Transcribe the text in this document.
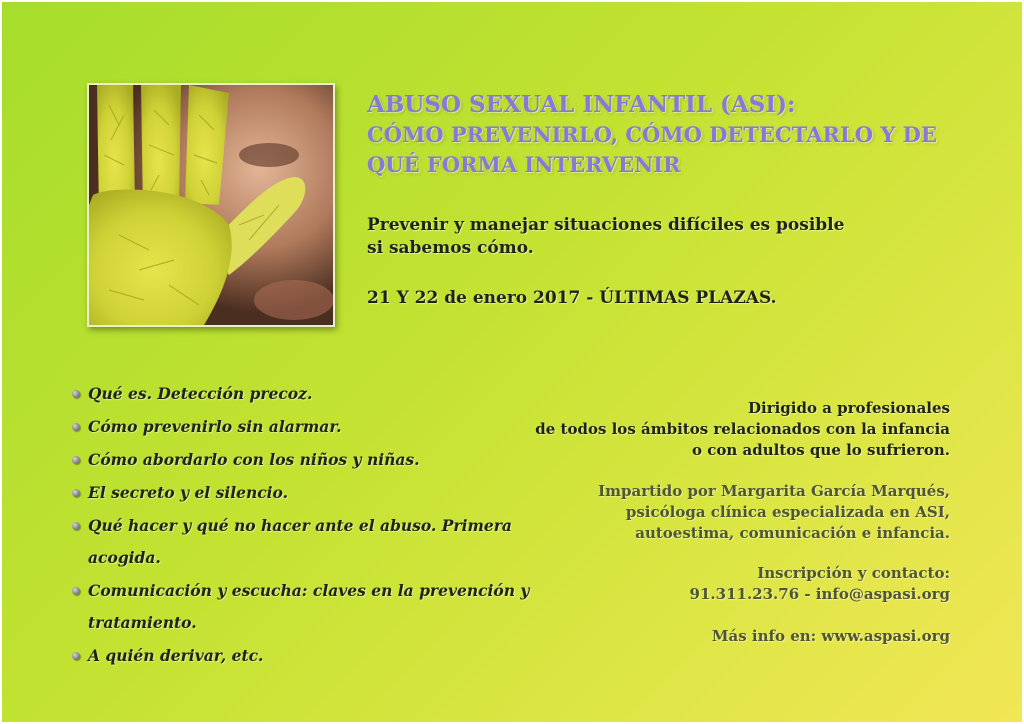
ABUSO SEXUAL INFANTIL (ASI):
CÓMO PREVENIRLO, CÓMO DETECTARLO Y DE
QUÉ FORMA INTERVENIR
Prevenir y manejar situaciones difíciles es posible
si sabemos cómo.
21 Y 22 de enero 2017 - ÚLTIMAS PLAZAS.
Qué es. Detección precoz.
Cómo prevenirlo sin alarmar.
Cómo abordarlo con los niños y niñas.
El secreto y el silencio.
Qué hacer y qué no hacer ante el abuso. Primera acogida.
Comunicación y escucha: claves en la prevención y tratamiento.
A quién derivar, etc.
Dirigido a profesionales
de todos los ámbitos relacionados con la infancia
o con adultos que lo sufrieron.
Impartido por Margarita García Marqués,
psicóloga clínica especializada en ASI,
autoestima, comunicación e infancia.
Inscripción y contacto:
91.311.23.76 - info@aspasi.org
Más info en: www.aspasi.org
